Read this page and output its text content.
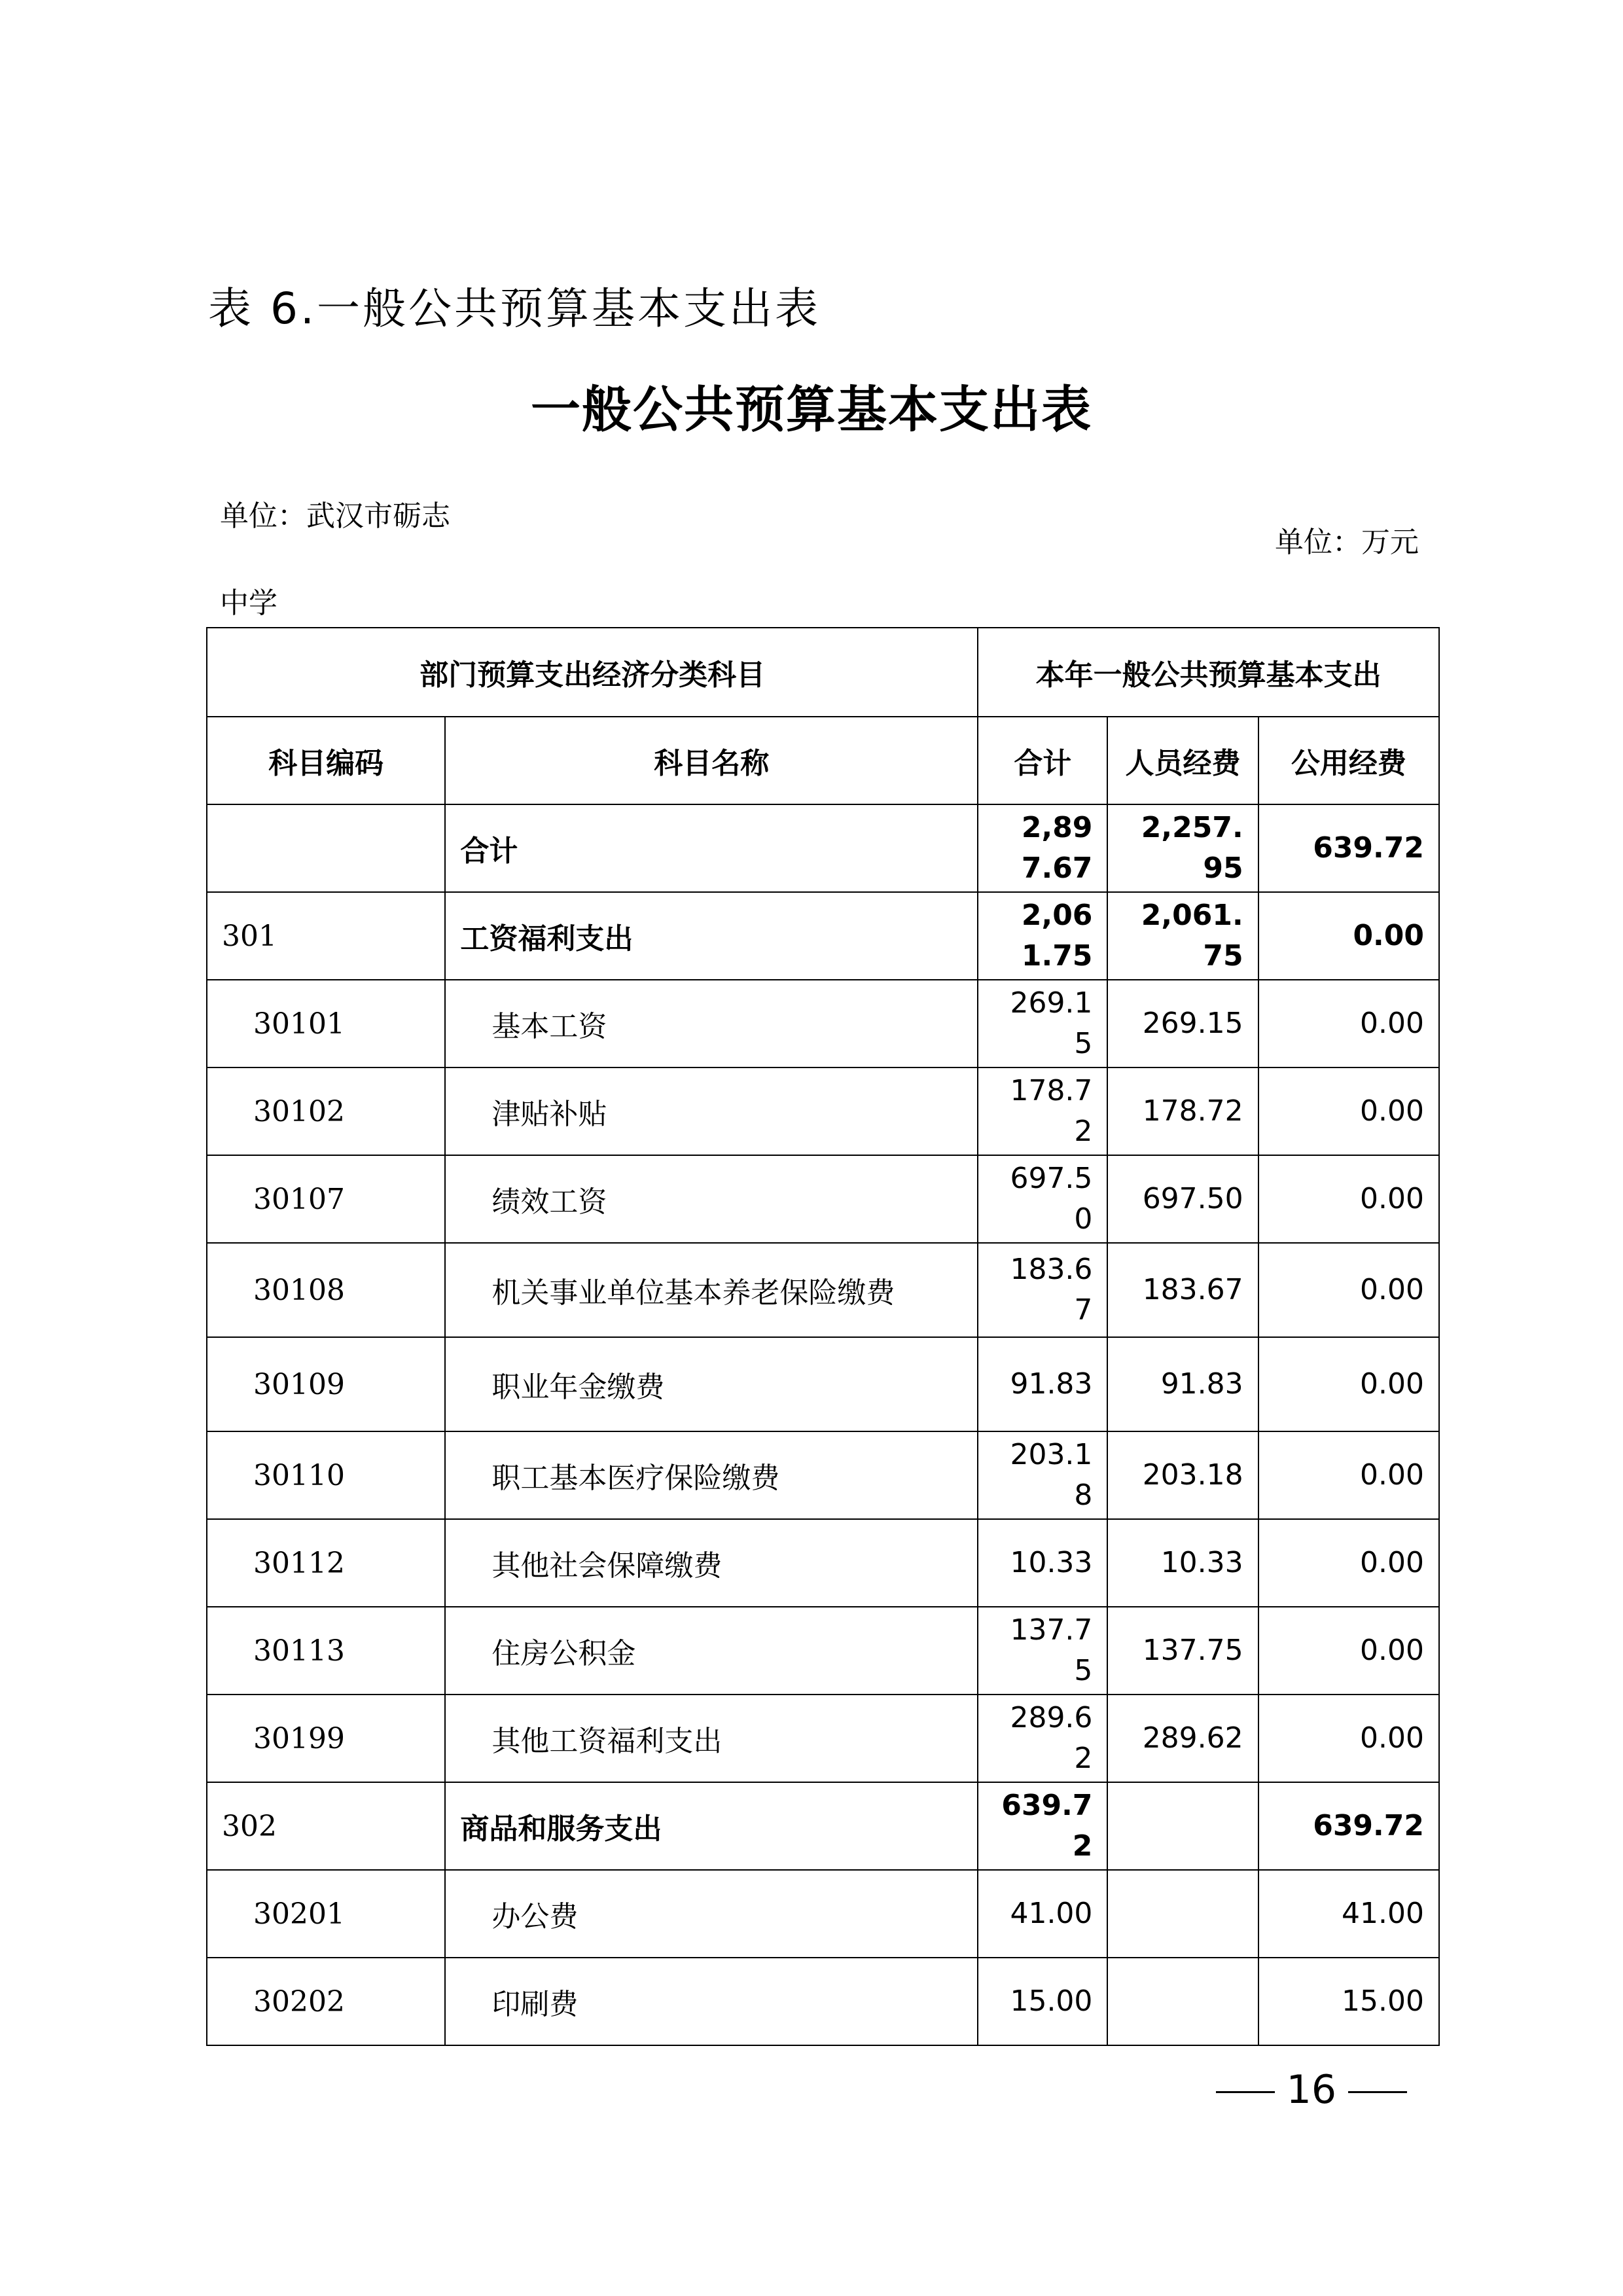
表 6.一般公共预算基本支出表
一般公共预算基本支出表
单位：武汉市砺志中学
单位：万元
部门预算支出经济分类科目		本年一般公共预算基本支出		
科目编码	科目名称	合计	人员经费	公用经费
	合计	2,897.67	2,257.95	639.72
301	工资福利支出	2,061.75	2,061.75	0.00
30101	基本工资	269.15	269.15	0.00
30102	津贴补贴	178.72	178.72	0.00
30107	绩效工资	697.50	697.50	0.00
30108	机关事业单位基本养老保险缴费	183.67	183.67	0.00
30109	职业年金缴费	91.83	91.83	0.00
30110	职工基本医疗保险缴费	203.18	203.18	0.00
30112	其他社会保障缴费	10.33	10.33	0.00
30113	住房公积金	137.75	137.75	0.00
30199	其他工资福利支出	289.62	289.62	0.00
302	商品和服务支出	639.72		639.72
30201	办公费	41.00		41.00
30202	印刷费	15.00		15.00
16
